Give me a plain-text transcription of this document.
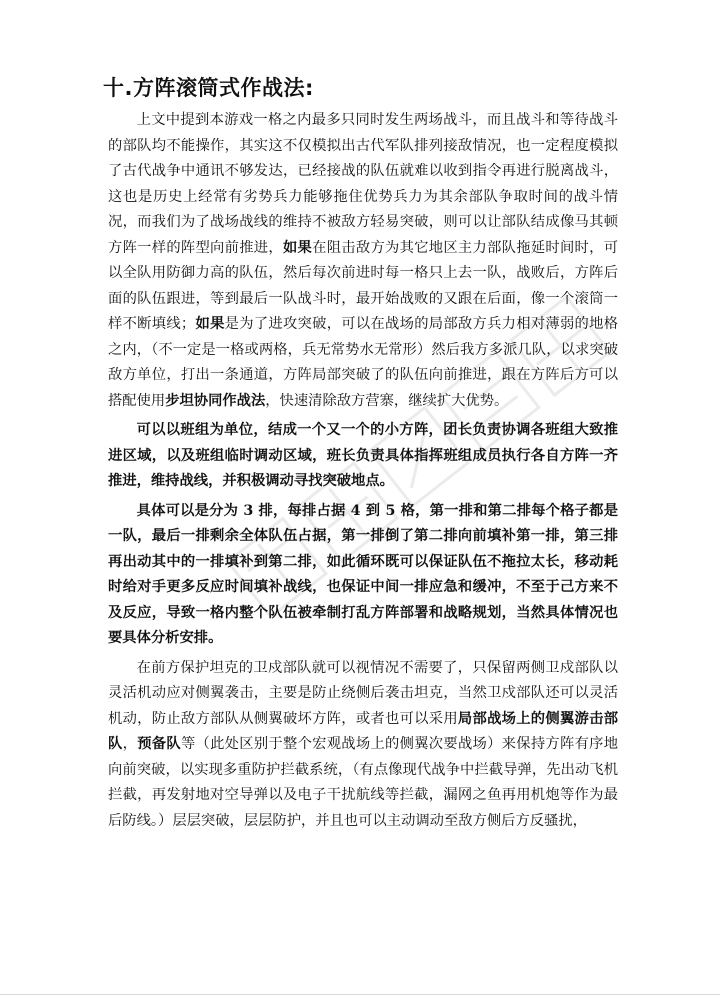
十.方阵滚筒式作战法:

上文中提到本游戏一格之内最多只同时发生两场战斗，而且战斗和等待战斗的部队均不能操作，其实这不仅模拟出古代军队排列接敌情况，也一定程度模拟了古代战争中通讯不够发达，已经接战的队伍就难以收到指令再进行脱离战斗，这也是历史上经常有劣势兵力能够拖住优势兵力为其余部队争取时间的战斗情况，而我们为了战场战线的维持不被敌方轻易突破，则可以让部队结成像马其顿方阵一样的阵型向前推进，如果在阻击敌方为其它地区主力部队拖延时间时，可以全队用防御力高的队伍，然后每次前进时每一格只上去一队，战败后，方阵后面的队伍跟进，等到最后一队战斗时，最开始战败的又跟在后面，像一个滚筒一样不断填线；如果是为了进攻突破，可以在战场的局部敌方兵力相对薄弱的地格之内，（不一定是一格或两格，兵无常势水无常形）然后我方多派几队，以求突破敌方单位，打出一条通道，方阵局部突破了的队伍向前推进，跟在方阵后方可以搭配使用步坦协同作战法，快速清除敌方营寨，继续扩大优势。

可以以班组为单位，结成一个又一个的小方阵，团长负责协调各班组大致推进区域，以及班组临时调动区域，班长负责具体指挥班组成员执行各自方阵一齐推进，维持战线，并积极调动寻找突破地点。

具体可以是分为 3 排，每排占据 4 到 5 格，第一排和第二排每个格子都是一队，最后一排剩余全体队伍占据，第一排倒了第二排向前填补第一排，第三排再出动其中的一排填补到第二排，如此循环既可以保证队伍不拖拉太长，移动耗时给对手更多反应时间填补战线，也保证中间一排应急和缓冲，不至于己方来不及反应，导致一格内整个队伍被牵制打乱方阵部署和战略规划，当然具体情况也要具体分析安排。

在前方保护坦克的卫戍部队就可以视情况不需要了，只保留两侧卫戍部队以灵活机动应对侧翼袭击，主要是防止绕侧后袭击坦克，当然卫戍部队还可以灵活机动，防止敌方部队从侧翼破坏方阵，或者也可以采用局部战场上的侧翼游击部队，预备队等（此处区别于整个宏观战场上的侧翼次要战场）来保持方阵有序地向前突破，以实现多重防护拦截系统，（有点像现代战争中拦截导弹，先出动飞机拦截，再发射地对空导弹以及电子干扰航线等拦截，漏网之鱼再用机炮等作为最后防线。）层层突破，层层防护，并且也可以主动调动至敌方侧后方反骚扰，
